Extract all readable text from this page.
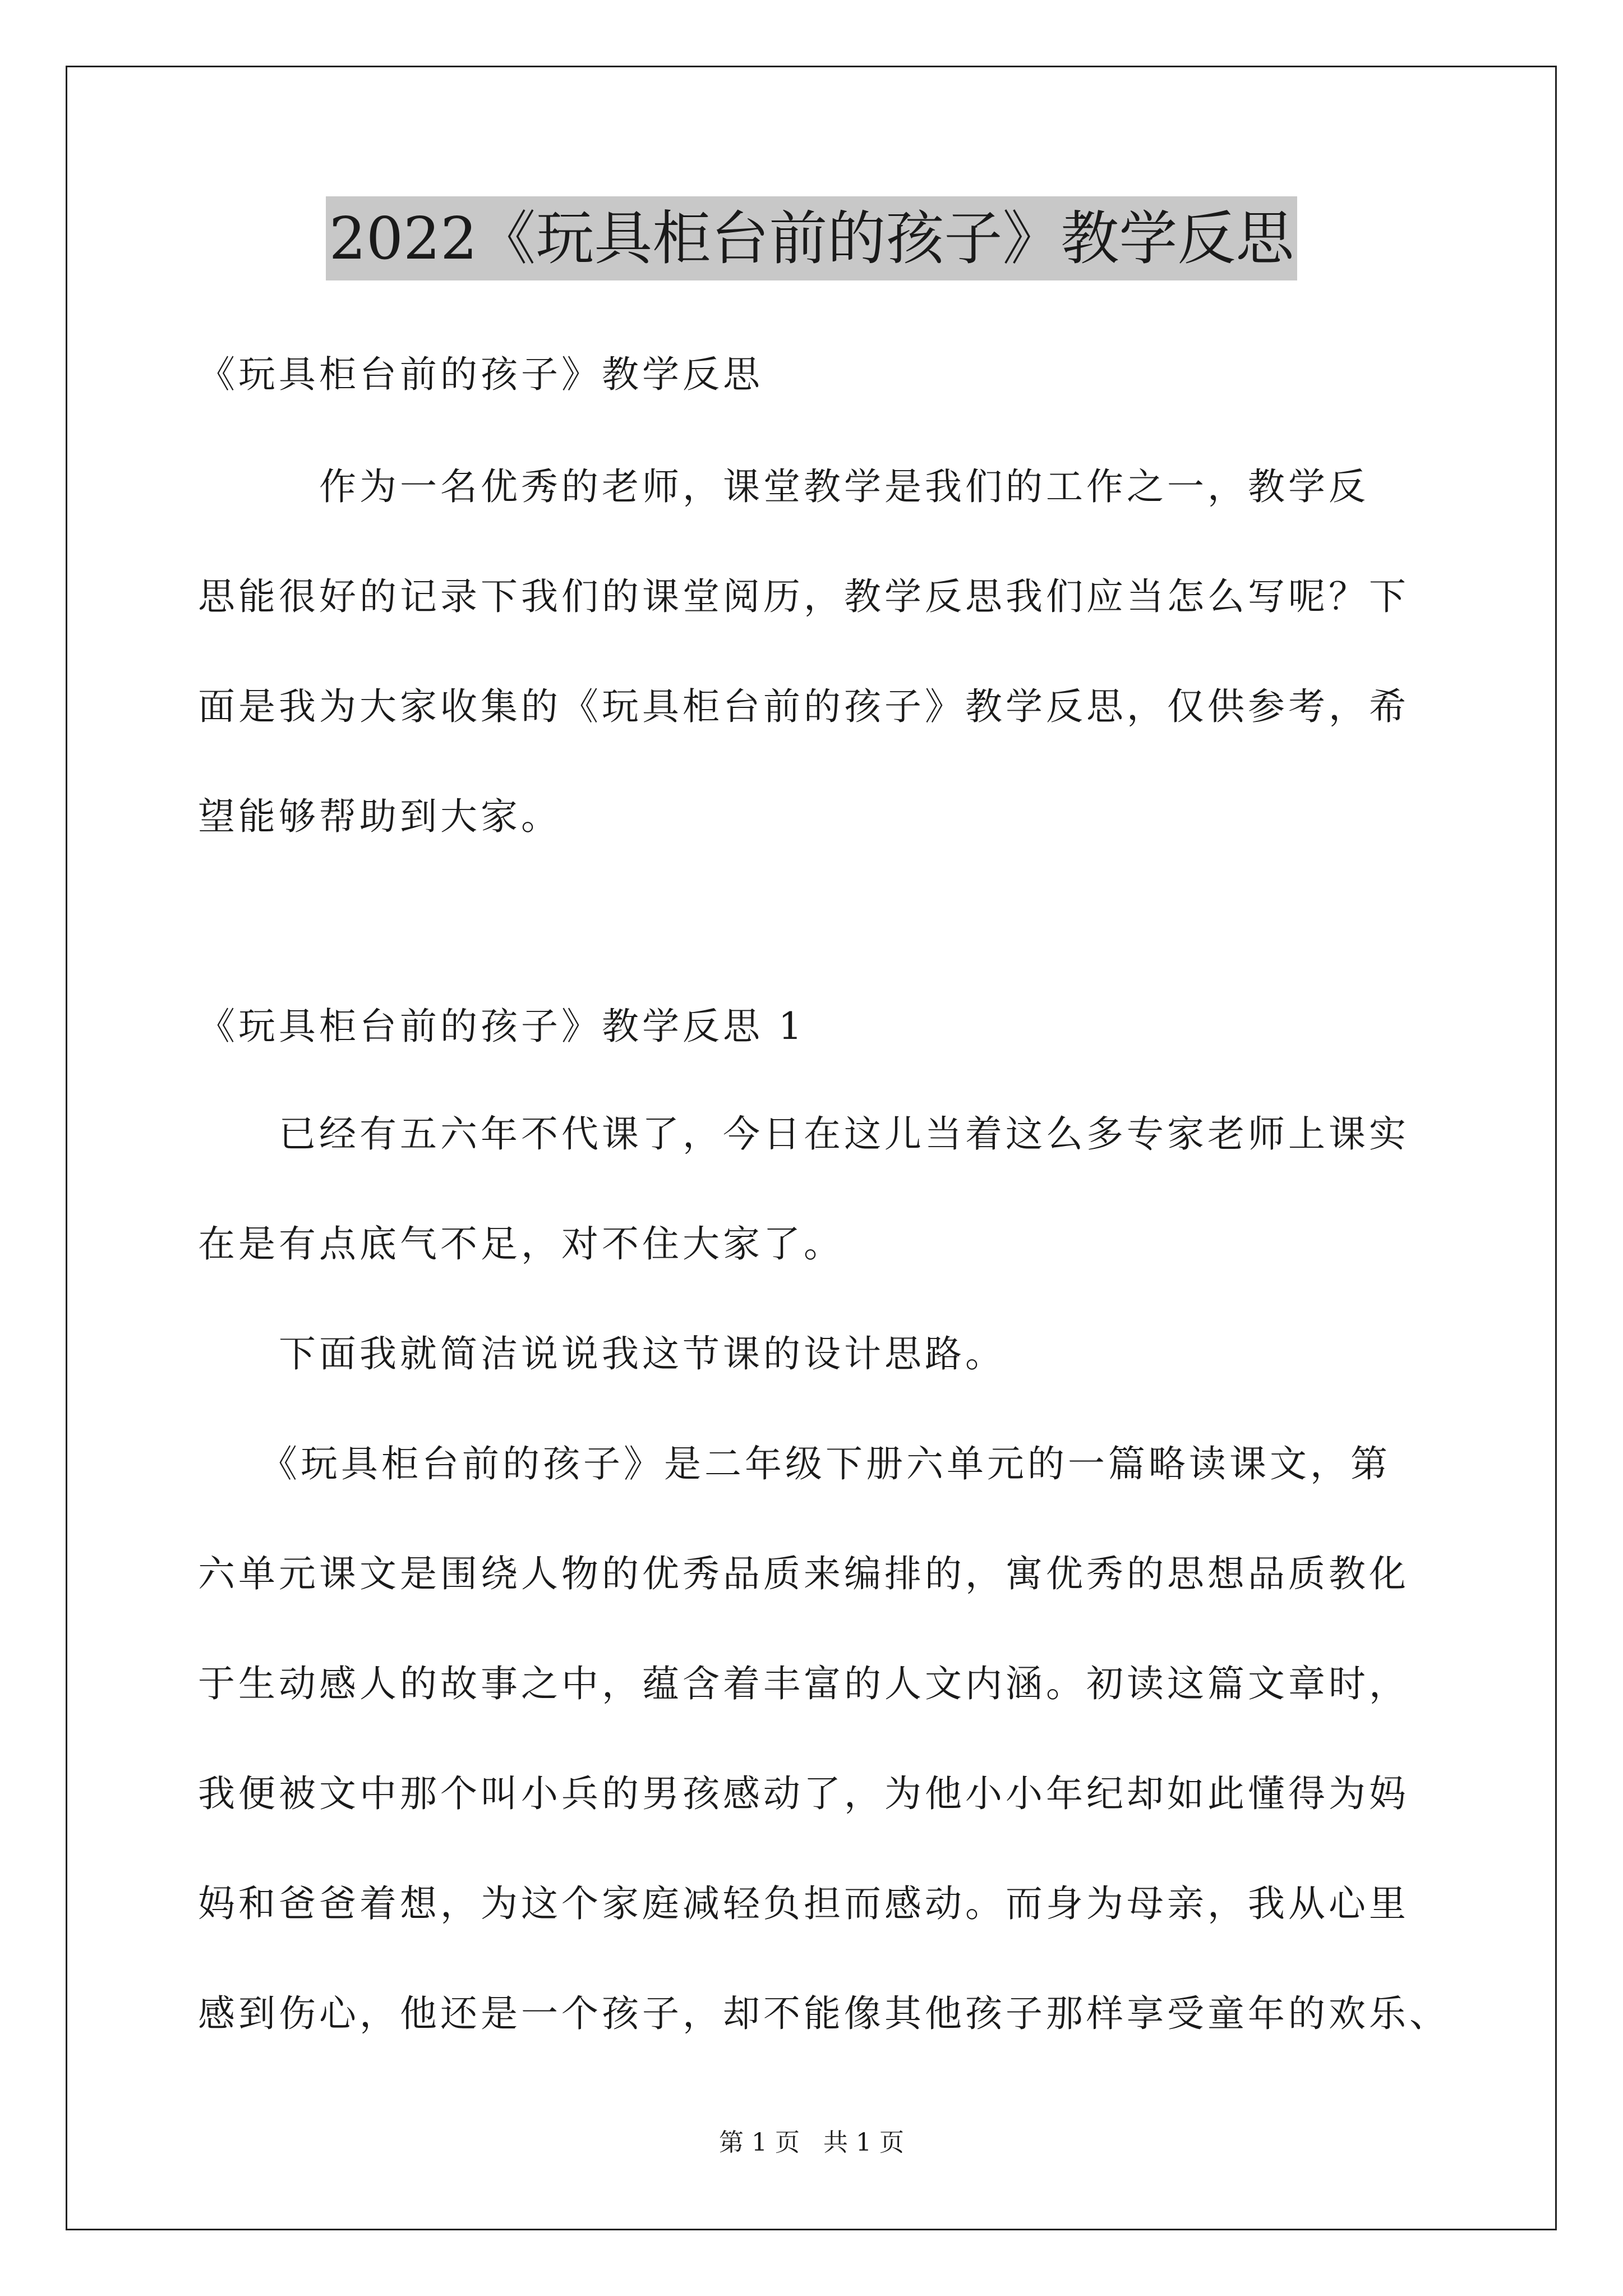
2022《玩具柜台前的孩子》教学反思

《玩具柜台前的孩子》教学反思

　　　作为一名优秀的老师，课堂教学是我们的工作之一，教学反

思能很好的记录下我们的课堂阅历，教学反思我们应当怎么写呢？下

面是我为大家收集的《玩具柜台前的孩子》教学反思，仅供参考，希

望能够帮助到大家。

《玩具柜台前的孩子》教学反思 1

　　已经有五六年不代课了，今日在这儿当着这么多专家老师上课实

在是有点底气不足，对不住大家了。

　　下面我就简洁说说我这节课的设计思路。

　　《玩具柜台前的孩子》是二年级下册六单元的一篇略读课文，第

六单元课文是围绕人物的优秀品质来编排的，寓优秀的思想品质教化

于生动感人的故事之中，蕴含着丰富的人文内涵。初读这篇文章时，

我便被文中那个叫小兵的男孩感动了，为他小小年纪却如此懂得为妈

妈和爸爸着想，为这个家庭减轻负担而感动。而身为母亲，我从心里

感到伤心，他还是一个孩子，却不能像其他孩子那样享受童年的欢乐、

第 1 页 共 1 页
